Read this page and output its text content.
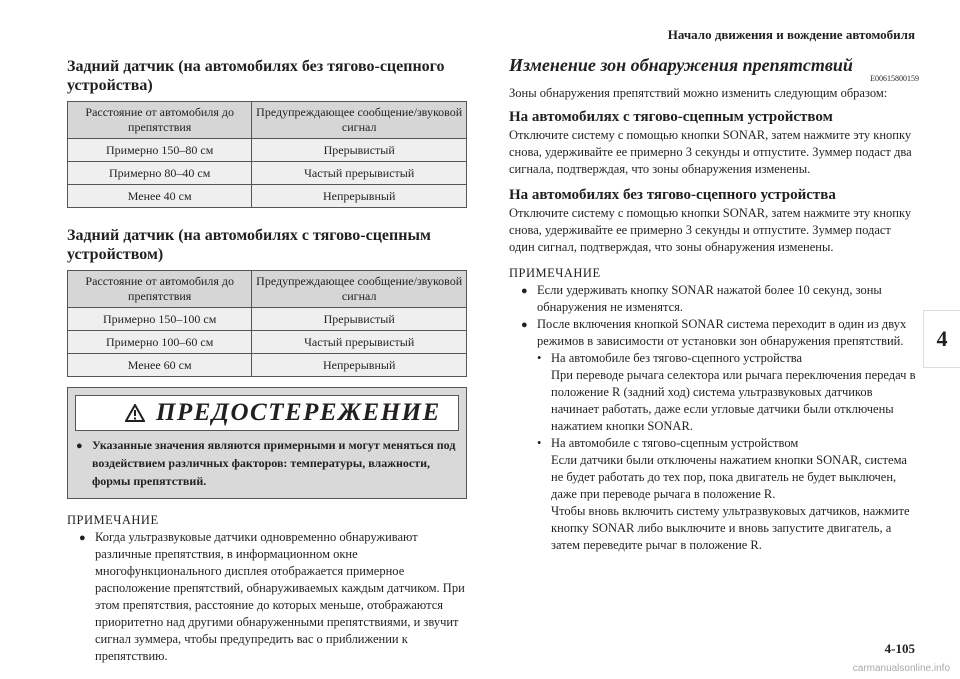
Начало движения и вождение автомобиля
Задний датчик (на автомобилях без тягово-сцепного устройства)
Расстояние от автомобиля до препятствия	Предупреждающее сообщение/звуковой сигнал
Примерно 150–80 см	Прерывистый
Примерно 80–40 см	Частый прерывистый
Менее 40 см	Непрерывный
Задний датчик (на автомобилях с тягово-сцепным устройством)
Расстояние от автомобиля до препятствия	Предупреждающее сообщение/звуковой сигнал
Примерно 150–100 см	Прерывистый
Примерно 100–60 см	Частый прерывистый
Менее 60 см	Непрерывный
ПРЕДОСТЕРЕЖЕНИЕ
● Указанные значения являются примерными и могут меняться под воздействием различных факторов: температуры, влажности, формы препятствий.
ПРИМЕЧАНИЕ
● Когда ультразвуковые датчики одновременно обнаруживают различные препятствия, в информационном окне многофункционального дисплея отображается примерное расположение препятствий, обнаруживаемых каждым датчиком. При этом препятствия, расстояние до которых меньше, отображаются приоритетно над другими обнаруженными препятствиями, и звучит сигнал зуммера, чтобы предупредить вас о приближении к препятствию.
Изменение зон обнаружения препятствий
E00615800159
Зоны обнаружения препятствий можно изменить следующим образом:
На автомобилях с тягово-сцепным устройством
Отключите систему с помощью кнопки SONAR, затем нажмите эту кнопку снова, удерживайте ее примерно 3 секунды и отпустите. Зуммер подаст два сигнала, подтверждая, что зоны обнаружения изменены.
На автомобилях без тягово-сцепного устройства
Отключите систему с помощью кнопки SONAR, затем нажмите эту кнопку снова, удерживайте ее примерно 3 секунды и отпустите. Зуммер подаст один сигнал, подтверждая, что зоны обнаружения изменены.
ПРИМЕЧАНИЕ
● Если удерживать кнопку SONAR нажатой более 10 секунд, зоны обнаружения не изменятся.
● После включения кнопкой SONAR система переходит в один из двух режимов в зависимости от установки зон обнаружения препятствий.
• На автомобиле без тягово-сцепного устройства
При переводе рычага селектора или рычага переключения передач в положение R (задний ход) система ультразвуковых датчиков начинает работать, даже если угловые датчики были отключены нажатием кнопки SONAR.
• На автомобиле с тягово-сцепным устройством
Если датчики были отключены нажатием кнопки SONAR, система не будет работать до тех пор, пока двигатель не будет выключен, даже при переводе рычага в положение R.
Чтобы вновь включить систему ультразвуковых датчиков, нажмите кнопку SONAR либо выключите и вновь запустите двигатель, а затем переведите рычаг в положение R.
4
4-105
carmanualsonline.info
